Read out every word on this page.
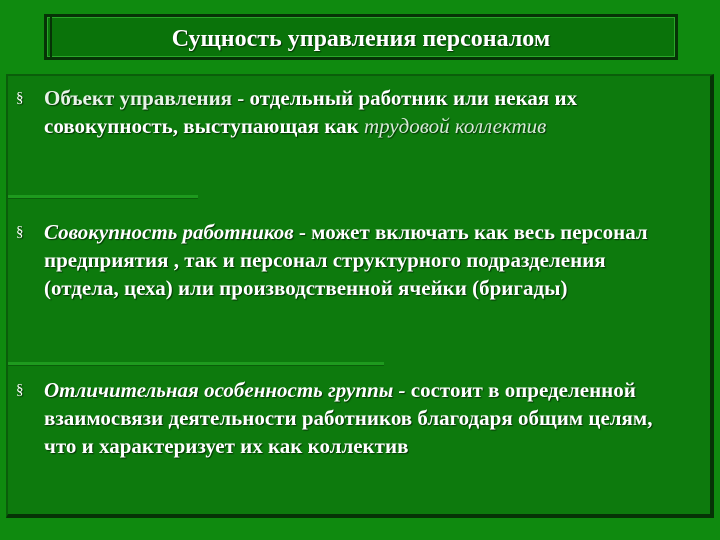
Сущность управления персоналом
§ Объект управления - отдельный работник или некая их совокупность, выступающая как трудовой коллектив
§ Совокупность работников - может включать как весь персонал предприятия , так и персонал структурного подразделения (отдела, цеха) или производственной ячейки (бригады)
§ Отличительная особенность группы - состоит в определенной взаимосвязи деятельности работников благодаря общим целям, что и характеризует их как коллектив
